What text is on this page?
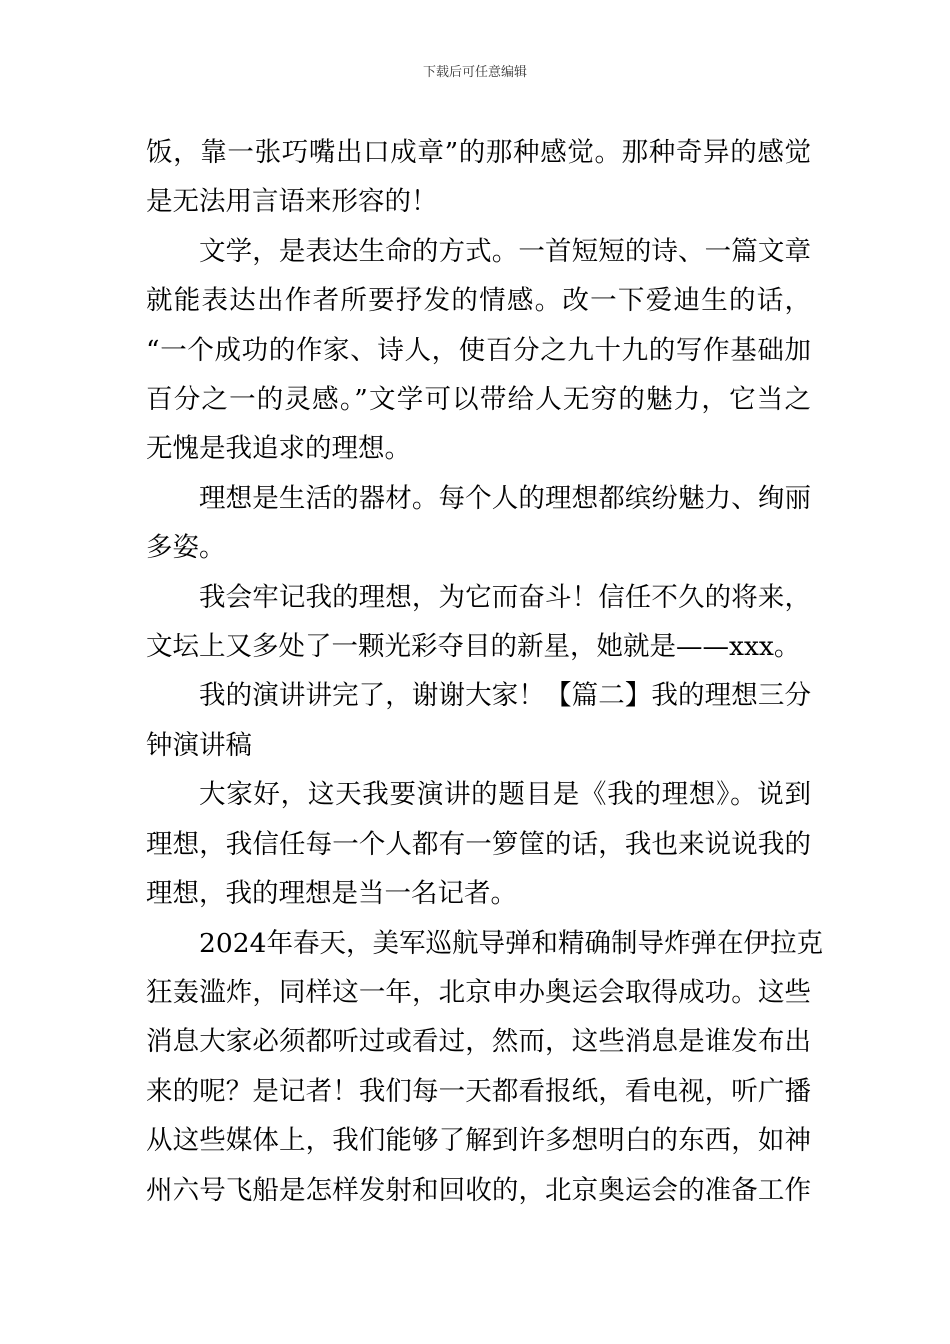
下载后可任意编辑

饭，靠一张巧嘴出口成章”的那种感觉。那种奇异的感觉
是无法用言语来形容的！

文学，是表达生命的方式。一首短短的诗、一篇文章
就能表达出作者所要抒发的情感。改一下爱迪生的话，
“一个成功的作家、诗人，使百分之九十九的写作基础加
百分之一的灵感。”文学可以带给人无穷的魅力，它当之
无愧是我追求的理想。

理想是生活的器材。每个人的理想都缤纷魅力、绚丽
多姿。

我会牢记我的理想，为它而奋斗！信任不久的将来，
文坛上又多处了一颗光彩夺目的新星，她就是——xxx。

我的演讲讲完了，谢谢大家！【篇二】我的理想三分
钟演讲稿

大家好，这天我要演讲的题目是《我的理想》。说到
理想，我信任每一个人都有一箩筐的话，我也来说说我的
理想，我的理想是当一名记者。

2024年春天，美军巡航导弹和精确制导炸弹在伊拉克
狂轰滥炸，同样这一年，北京申办奥运会取得成功。这些
消息大家必须都听过或看过，然而，这些消息是谁发布出
来的呢？是记者！我们每一天都看报纸，看电视，听广播
从这些媒体上，我们能够了解到许多想明白的东西，如神
州六号飞船是怎样发射和回收的，北京奥运会的准备工作
